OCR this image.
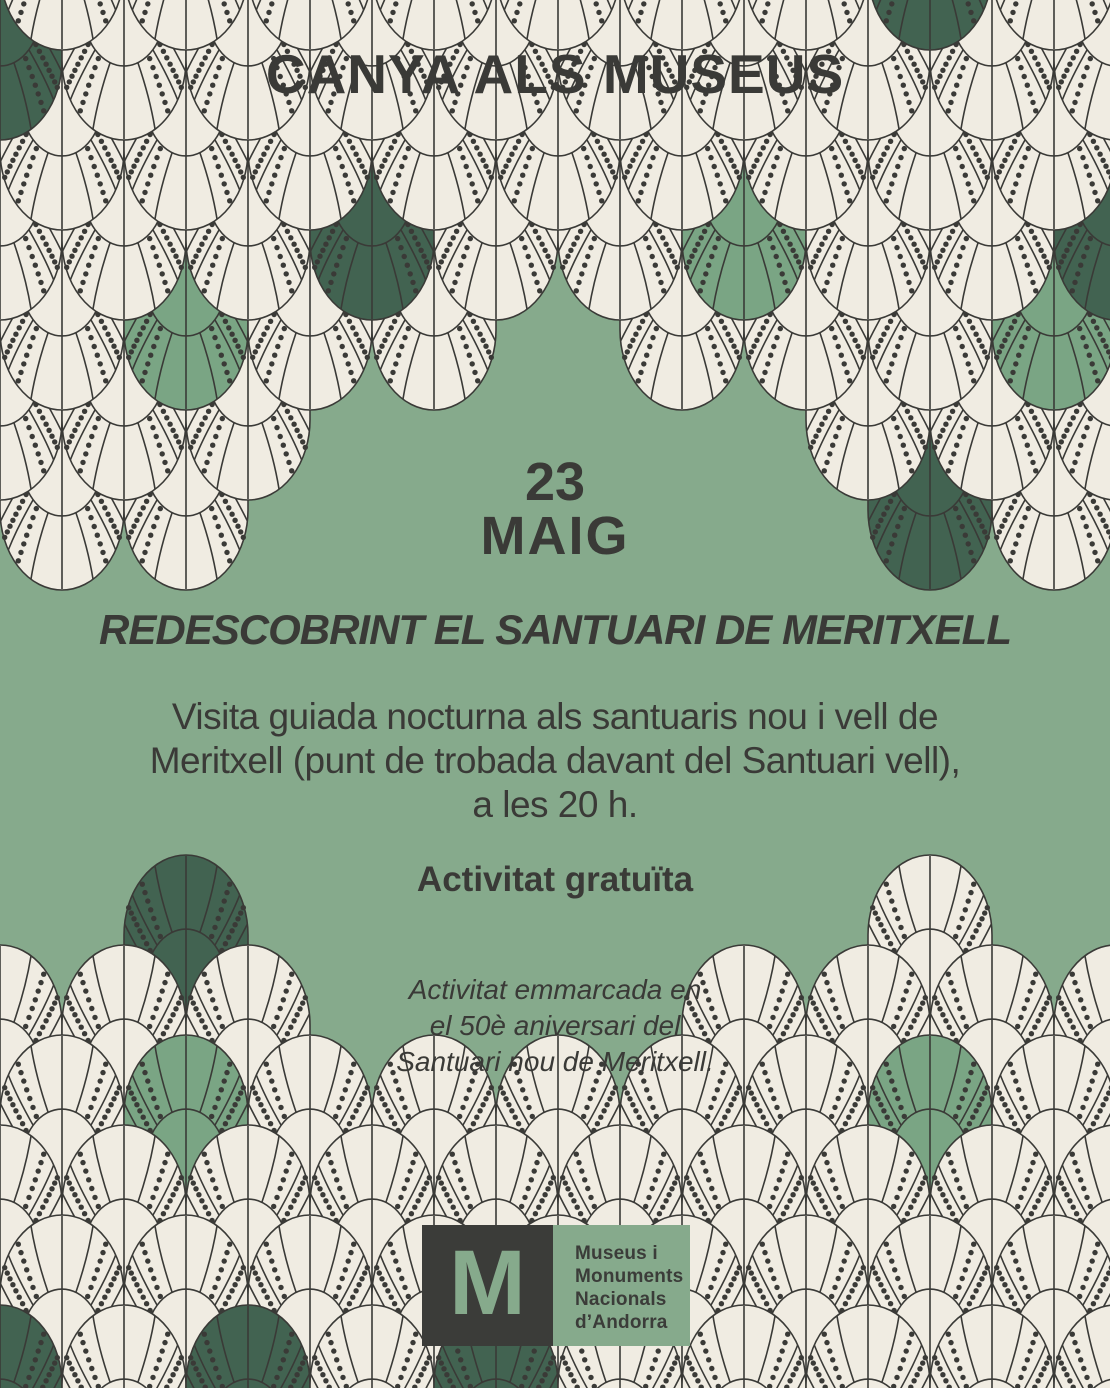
CANYA ALS MUSEUS
23
MAIG
REDESCOBRINT EL SANTUARI DE MERITXELL
Visita guiada nocturna als santuaris nou i vell de
Meritxell (punt de trobada davant del Santuari vell),
a les 20 h.
Activitat gratuïta
Activitat emmarcada en
el 50è aniversari del
Santuari nou de Meritxell.
M	Museus i
Monuments
Nacionals
d’Andorra
